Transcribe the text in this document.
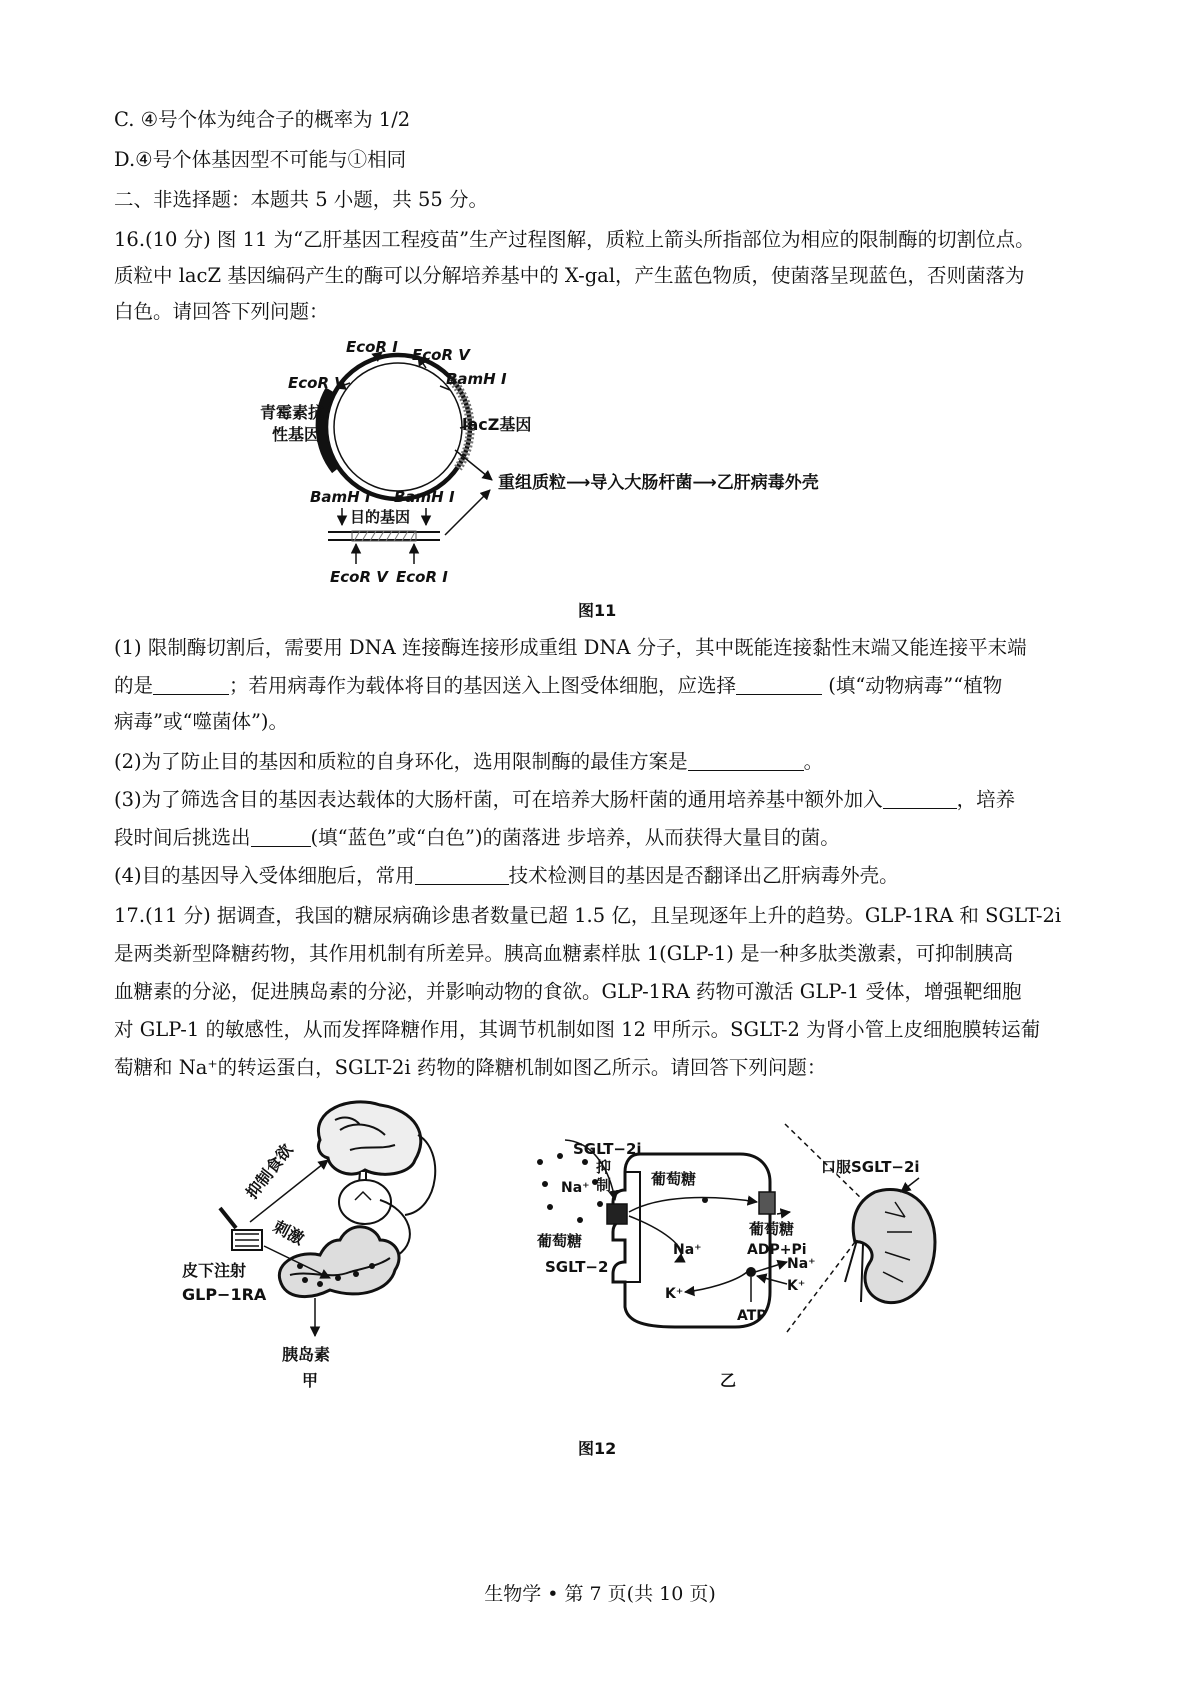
C. ④号个体为纯合子的概率为 1/2
D.④号个体基因型不可能与①相同
二、非选择题：本题共 5 小题，共 55 分。
16.(10 分) 图 11 为“乙肝基因工程疫苗”生产过程图解，质粒上箭头所指部位为相应的限制酶的切割位点。
质粒中 lacZ 基因编码产生的酶可以分解培养基中的 X-gal，产生蓝色物质，使菌落呈现蓝色，否则菌落为
白色。请回答下列问题：
EcoR Ⅰ EcoR Ⅴ
EcoR Ⅴ	BamH Ⅰ
青霉素抗
性基因
lacZ基因
重组质粒⟶导入大肠杆菌⟶乙肝病毒外壳
BamH Ⅰ BamH Ⅰ
目的基因
EcoR Ⅴ EcoR Ⅰ
图11
(1) 限制酶切割后，需要用 DNA 连接酶连接形成重组 DNA 分子，其中既能连接黏性末端又能连接平末端
的是	；若用病毒作为载体将目的基因送入上图受体细胞，应选择	(填“动物病毒”“植物
病毒”或“噬菌体”)。
(2)为了防止目的基因和质粒的自身环化，选用限制酶的最佳方案是	。
(3)为了筛选含目的基因表达载体的大肠杆菌，可在培养大肠杆菌的通用培养基中额外加入	，培养
段时间后挑选出	(填“蓝色”或“白色”)的菌落进 步培养，从而获得大量目的菌。
(4)目的基因导入受体细胞后，常用	技术检测目的基因是否翻译出乙肝病毒外壳。
17.(11 分) 据调查，我国的糖尿病确诊患者数量已超 1.5 亿，且呈现逐年上升的趋势。GLP-1RA 和 SGLT-2i
是两类新型降糖药物，其作用机制有所差异。胰高血糖素样肽 1(GLP-1) 是一种多肽类激素，可抑制胰高
血糖素的分泌，促进胰岛素的分泌，并影响动物的食欲。GLP-1RA 药物可激活 GLP-1 受体，增强靶细胞
对 GLP-1 的敏感性，从而发挥降糖作用，其调节机制如图 12 甲所示。SGLT-2 为肾小管上皮细胞膜转运葡
萄糖和 Na⁺的转运蛋白，SGLT-2i 药物的降糖机制如图乙所示。请回答下列问题：
抑制食欲
刺激
皮下注射
GLP−1RA
胰岛素
甲
SGLT−2i
抑
制
Na⁺
葡萄糖
SGLT−2
葡萄糖
Na⁺
K⁺
葡萄糖
ADP+Pi
Na⁺
K⁺
ATP
口服SGLT−2i
乙
图12
生物学 • 第 7 页(共 10 页)
